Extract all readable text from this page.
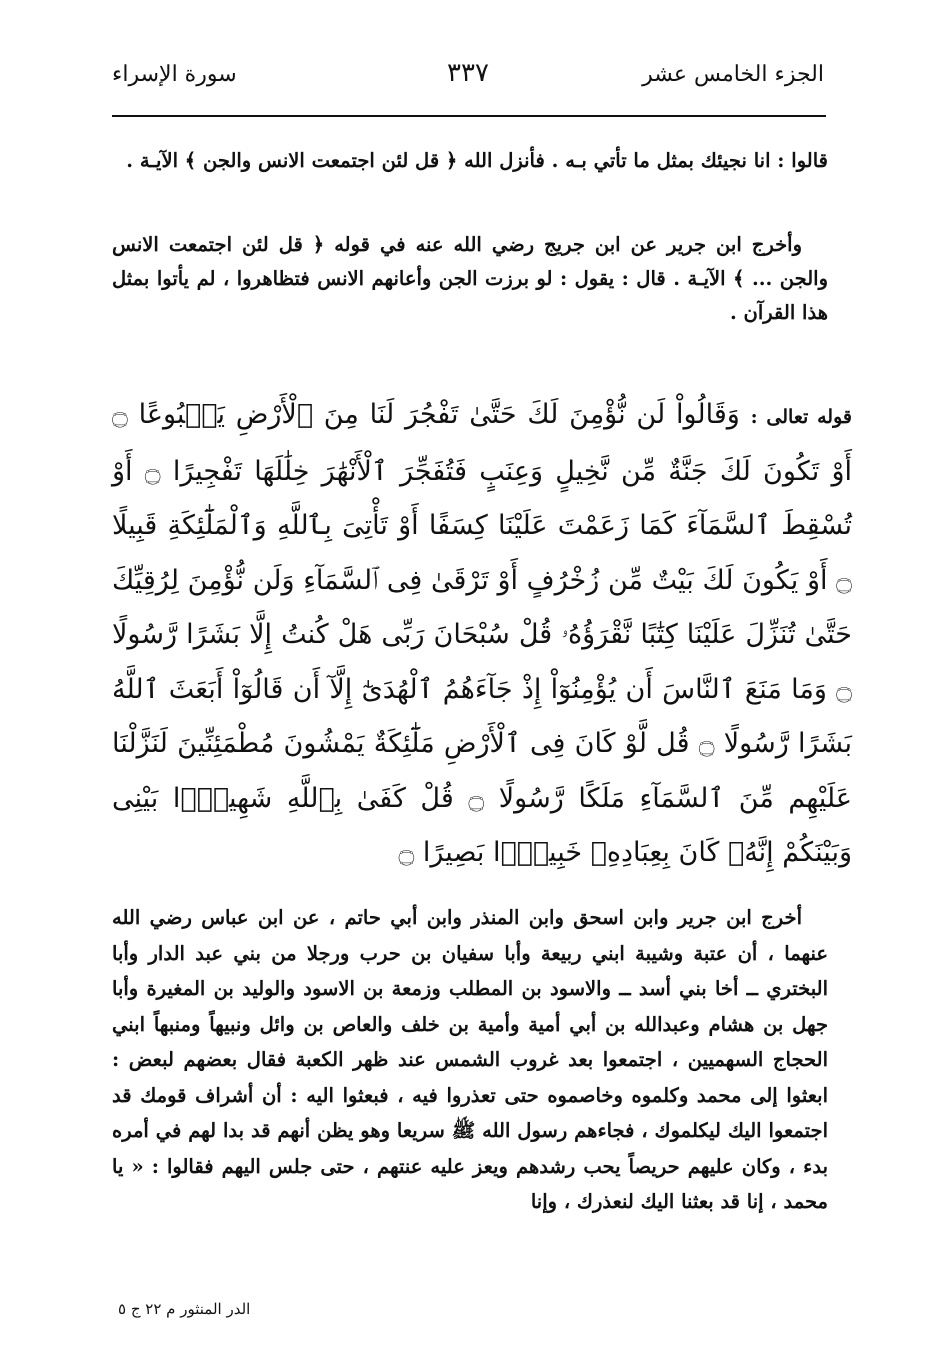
الجزء الخامس عشر
٣٣٧
سورة الإسراء

قالوا : انا نجيئك بمثل ما تأتي بـه . فأنزل الله ﴿ قل لئن اجتمعت الانس والجن ﴾ الآيـة .

وأخرج ابن جرير عن ابن جريج رضي الله عنه في قوله ﴿ قل لئن اجتمعت الانس والجن ... ﴾ الآيـة . قال : يقول : لو برزت الجن وأعانهم الانس فتظاهروا ، لم يأتوا بمثل هذا القرآن .

قوله تعالى : وَقَالُواْ لَن نُّؤْمِنَ لَكَ حَتَّىٰ تَفْجُرَ لَنَا مِنَ ٱلْأَرْضِ يَنۢبُوعًا ۝ أَوْ تَكُونَ لَكَ جَنَّةٌ مِّن نَّخِيلٍ وَعِنَبٍ فَتُفَجِّرَ ٱلْأَنْهَٰرَ خِلَٰلَهَا تَفْجِيرًا ۝ أَوْ تُسْقِطَ ٱلسَّمَآءَ كَمَا زَعَمْتَ عَلَيْنَا كِسَفًا أَوْ تَأْتِىَ بِٱللَّهِ وَٱلْمَلَٰٓئِكَةِ قَبِيلًا ۝ أَوْ يَكُونَ لَكَ بَيْتٌ مِّن زُخْرُفٍ أَوْ تَرْقَىٰ فِى ٱلسَّمَآءِ وَلَن نُّؤْمِنَ لِرُقِيِّكَ حَتَّىٰ تُنَزِّلَ عَلَيْنَا كِتَٰبًا نَّقْرَؤُهُۥ قُلْ سُبْحَانَ رَبِّى هَلْ كُنتُ إِلَّا بَشَرًا رَّسُولًا ۝ وَمَا مَنَعَ ٱلنَّاسَ أَن يُؤْمِنُوٓاْ إِذْ جَآءَهُمُ ٱلْهُدَىٰٓ إِلَّآ أَن قَالُوٓاْ أَبَعَثَ ٱللَّهُ بَشَرًا رَّسُولًا ۝ قُل لَّوْ كَانَ فِى ٱلْأَرْضِ مَلَٰٓئِكَةٌ يَمْشُونَ مُطْمَئِنِّينَ لَنَزَّلْنَا عَلَيْهِم مِّنَ ٱلسَّمَآءِ مَلَكًا رَّسُولًا ۝ قُلْ كَفَىٰ بِٱللَّهِ شَهِيدًۢا بَيْنِى وَبَيْنَكُمْ إِنَّهُۥ كَانَ بِعِبَادِهِۦ خَبِيرًۢا بَصِيرًا ۝

أخرج ابن جرير وابن اسحق وابن المنذر وابن أبي حاتم ، عن ابن عباس رضي الله عنهما ، أن عتبة وشيبة ابني ربيعة وأبا سفيان بن حرب ورجلا من بني عبد الدار وأبا البختري ــ أخا بني أسد ــ والاسود بن المطلب وزمعة بن الاسود والوليد بن المغيرة وأبا جهل بن هشام وعبدالله بن أبي أمية وأمية بن خلف والعاص بن وائل ونبيهاً ومنبهاً ابني الحجاج السهميين ، اجتمعوا بعد غروب الشمس عند ظهر الكعبة فقال بعضهم لبعض : ابعثوا إلى محمد وكلموه وخاصموه حتى تعذروا فيه ، فبعثوا اليه : أن أشراف قومك قد اجتمعوا اليك ليكلموك ، فجاءهم رسول الله ﷺ سريعا وهو يظن أنهم قد بدا لهم في أمره بدء ، وكان عليهم حريصاً يحب رشدهم ويعز عليه عنتهم ، حتى جلس اليهم فقالوا : « يا محمد ، إنا قد بعثنا اليك لنعذرك ، وإنا

الدر المنثور م ٢٢ ج ٥
